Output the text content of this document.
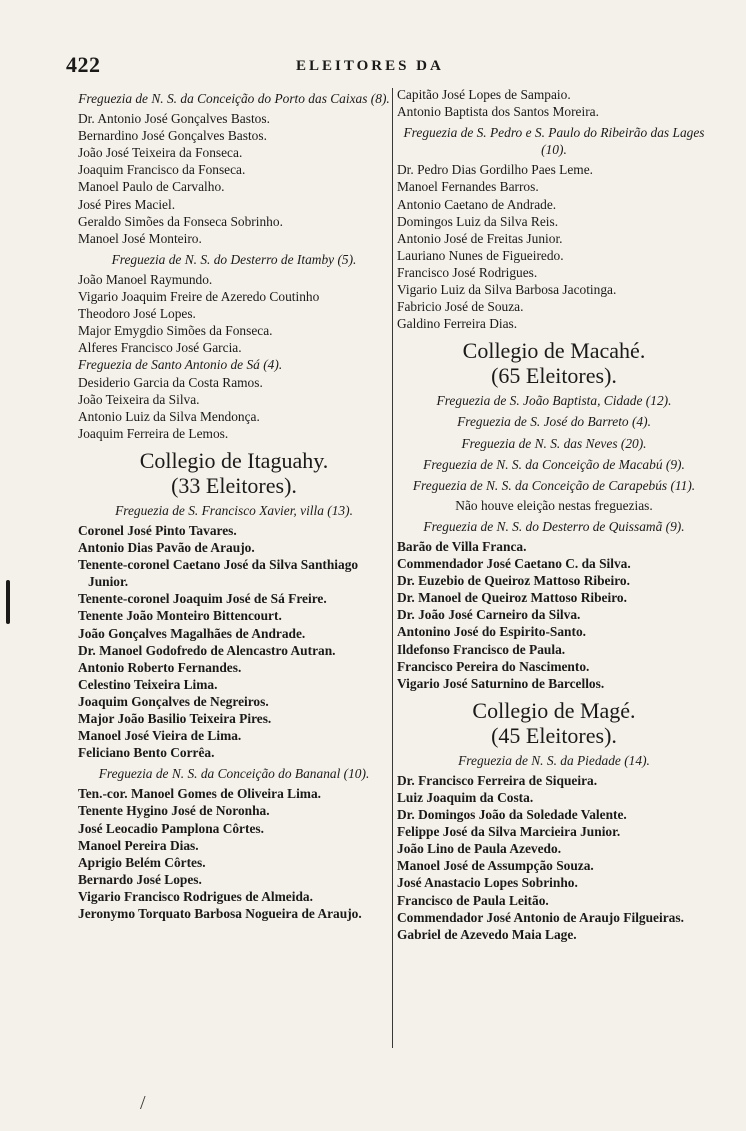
422	ELEITORES DA
Freguezia de N. S. da Conceição do Porto das Caixas (8).
Dr. Antonio José Gonçalves Bastos.
Bernardino José Gonçalves Bastos.
João José Teixeira da Fonseca.
Joaquim Francisco da Fonseca.
Manoel Paulo de Carvalho.
José Pires Maciel.
Geraldo Simões da Fonseca Sobrinho.
Manoel José Monteiro.
Freguezia de N. S. do Desterro de Itamby (5).
João Manoel Raymundo.
Vigario Joaquim Freire de Azeredo Coutinho
Theodoro José Lopes.
Major Emygdio Simões da Fonseca.
Alferes Francisco José Garcia.
Freguezia de Santo Antonio de Sá (4).
Desiderio Garcia da Costa Ramos.
João Teixeira da Silva.
Antonio Luiz da Silva Mendonça.
Joaquim Ferreira de Lemos.
Collegio de Itaguahy.
(33 Eleitores).
Freguezia de S. Francisco Xavier, villa (13).
Coronel José Pinto Tavares.
Antonio Dias Pavão de Araujo.
Tenente-coronel Caetano José da Silva Santhiago Junior.
Tenente-coronel Joaquim José de Sá Freire.
Tenente João Monteiro Bittencourt.
João Gonçalves Magalhães de Andrade.
Dr. Manoel Godofredo de Alencastro Autran.
Antonio Roberto Fernandes.
Celestino Teixeira Lima.
Joaquim Gonçalves de Negreiros.
Major João Basilio Teixeira Pires.
Manoel José Vieira de Lima.
Feliciano Bento Corrêa.
Freguezia de N. S. da Conceição do Bananal (10).
Ten.-cor. Manoel Gomes de Oliveira Lima.
Tenente Hygino José de Noronha.
José Leocadio Pamplona Côrtes.
Manoel Pereira Dias.
Aprigio Belém Côrtes.
Bernardo José Lopes.
Vigario Francisco Rodrigues de Almeida.
Jeronymo Torquato Barbosa Nogueira de Araujo.
Capitão José Lopes de Sampaio.
Antonio Baptista dos Santos Moreira.
Freguezia de S. Pedro e S. Paulo do Ribeirão das Lages (10).
Dr. Pedro Dias Gordilho Paes Leme.
Manoel Fernandes Barros.
Antonio Caetano de Andrade.
Domingos Luiz da Silva Reis.
Antonio José de Freitas Junior.
Lauriano Nunes de Figueiredo.
Francisco José Rodrigues.
Vigario Luiz da Silva Barbosa Jacotinga.
Fabricio José de Souza.
Galdino Ferreira Dias.
Collegio de Macahé.
(65 Eleitores).
Freguezia de S. João Baptista, Cidade (12).
Freguezia de S. José do Barreto (4).
Freguezia de N. S. das Neves (20).
Freguezia de N. S. da Conceição de Macabú (9).
Freguezia de N. S. da Conceição de Carapebús (11).
Não houve eleição nestas freguezias.
Freguezia de N. S. do Desterro de Quissamã (9).
Barão de Villa Franca.
Commendador José Caetano C. da Silva.
Dr. Euzebio de Queiroz Mattoso Ribeiro.
Dr. Manoel de Queiroz Mattoso Ribeiro.
Dr. João José Carneiro da Silva.
Antonino José do Espirito-Santo.
Ildefonso Francisco de Paula.
Francisco Pereira do Nascimento.
Vigario José Saturnino de Barcellos.
Collegio de Magé.
(45 Eleitores).
Freguezia de N. S. da Piedade (14).
Dr. Francisco Ferreira de Siqueira.
Luiz Joaquim da Costa.
Dr. Domingos João da Soledade Valente.
Felippe José da Silva Marcieira Junior.
João Lino de Paula Azevedo.
Manoel José de Assumpção Souza.
José Anastacio Lopes Sobrinho.
Francisco de Paula Leitão.
Commendador José Antonio de Araujo Filgueiras.
Gabriel de Azevedo Maia Lage.
/
